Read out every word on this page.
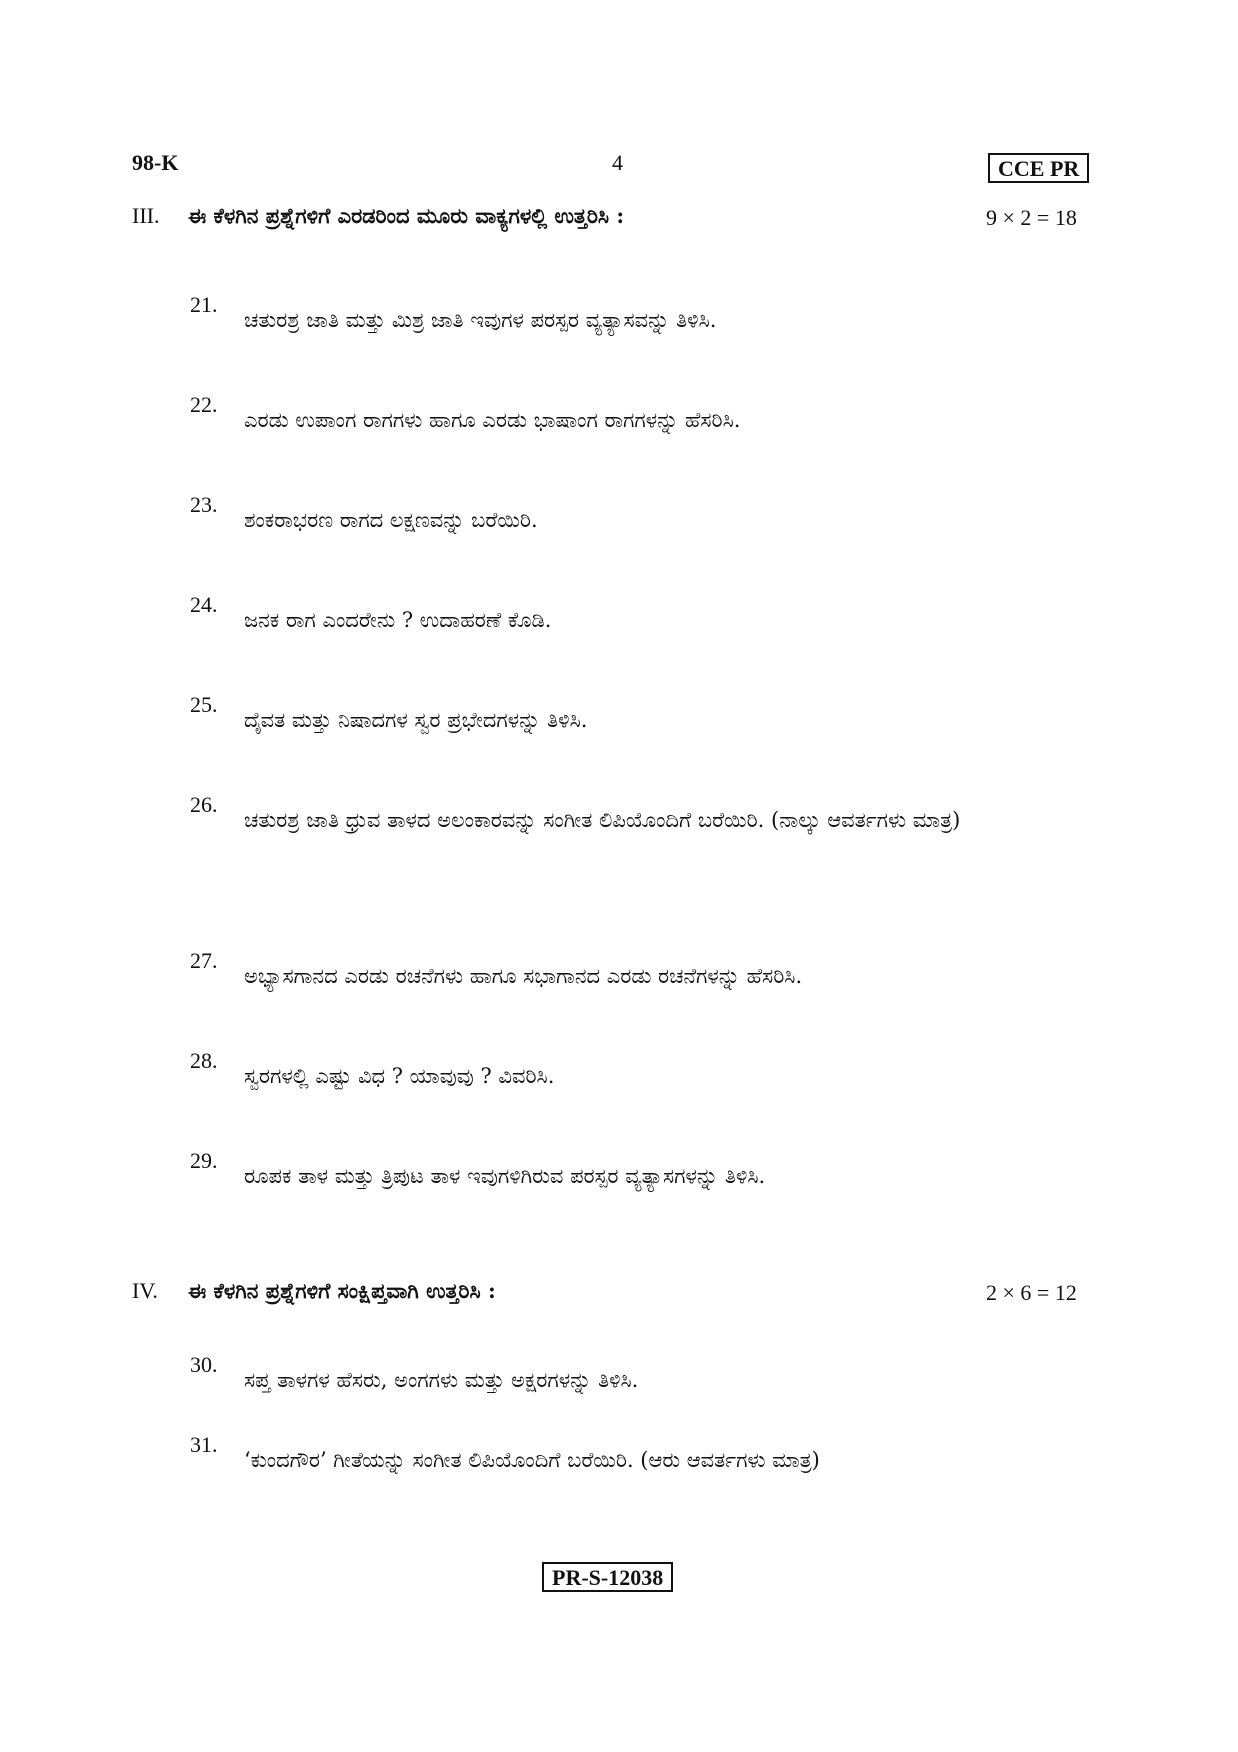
98-K	4	CCE PR
III.	ಈ ಕೆಳಗಿನ ಪ್ರಶ್ನೆಗಳಿಗೆ ಎರಡರಿಂದ ಮೂರು ವಾಕ್ಯಗಳಲ್ಲಿ ಉತ್ತರಿಸಿ :	9 × 2 = 18
21.
ಚತುರಶ್ರ ಜಾತಿ ಮತ್ತು ಮಿಶ್ರ ಜಾತಿ ಇವುಗಳ ಪರಸ್ಪರ ವ್ಯತ್ಯಾಸವನ್ನು ತಿಳಿಸಿ.
22.
ಎರಡು ಉಪಾಂಗ ರಾಗಗಳು ಹಾಗೂ ಎರಡು ಭಾಷಾಂಗ ರಾಗಗಳನ್ನು ಹೆಸರಿಸಿ.
23.
ಶಂಕರಾಭರಣ ರಾಗದ ಲಕ್ಷಣವನ್ನು ಬರೆಯಿರಿ.
24.
ಜನಕ ರಾಗ ಎಂದರೇನು ? ಉದಾಹರಣೆ ಕೊಡಿ.
25.
ದೈವತ ಮತ್ತು ನಿಷಾದಗಳ ಸ್ವರ ಪ್ರಭೇದಗಳನ್ನು ತಿಳಿಸಿ.
26.
ಚತುರಶ್ರ ಜಾತಿ ಧ್ರುವ ತಾಳದ ಅಲಂಕಾರವನ್ನು ಸಂಗೀತ ಲಿಪಿಯೊಂದಿಗೆ ಬರೆಯಿರಿ. (ನಾಲ್ಕು ಆವರ್ತಗಳು ಮಾತ್ರ)
27.
ಅಭ್ಯಾಸಗಾನದ ಎರಡು ರಚನೆಗಳು ಹಾಗೂ ಸಭಾಗಾನದ ಎರಡು ರಚನೆಗಳನ್ನು ಹೆಸರಿಸಿ.
28.
ಸ್ವರಗಳಲ್ಲಿ ಎಷ್ಟು ವಿಧ ? ಯಾವುವು ? ವಿವರಿಸಿ.
29.
ರೂಪಕ ತಾಳ ಮತ್ತು ತ್ರಿಪುಟ ತಾಳ ಇವುಗಳಿಗಿರುವ ಪರಸ್ಪರ ವ್ಯತ್ಯಾಸಗಳನ್ನು ತಿಳಿಸಿ.
IV.	ಈ ಕೆಳಗಿನ ಪ್ರಶ್ನೆಗಳಿಗೆ ಸಂಕ್ಷಿಪ್ತವಾಗಿ ಉತ್ತರಿಸಿ :	2 × 6 = 12
30.
ಸಪ್ತ ತಾಳಗಳ ಹೆಸರು, ಅಂಗಗಳು ಮತ್ತು ಅಕ್ಷರಗಳನ್ನು ತಿಳಿಸಿ.
31.
‘ಕುಂದಗೌರ’ ಗೀತೆಯನ್ನು ಸಂಗೀತ ಲಿಪಿಯೊಂದಿಗೆ ಬರೆಯಿರಿ. (ಆರು ಆವರ್ತಗಳು ಮಾತ್ರ)
PR-S-12038
